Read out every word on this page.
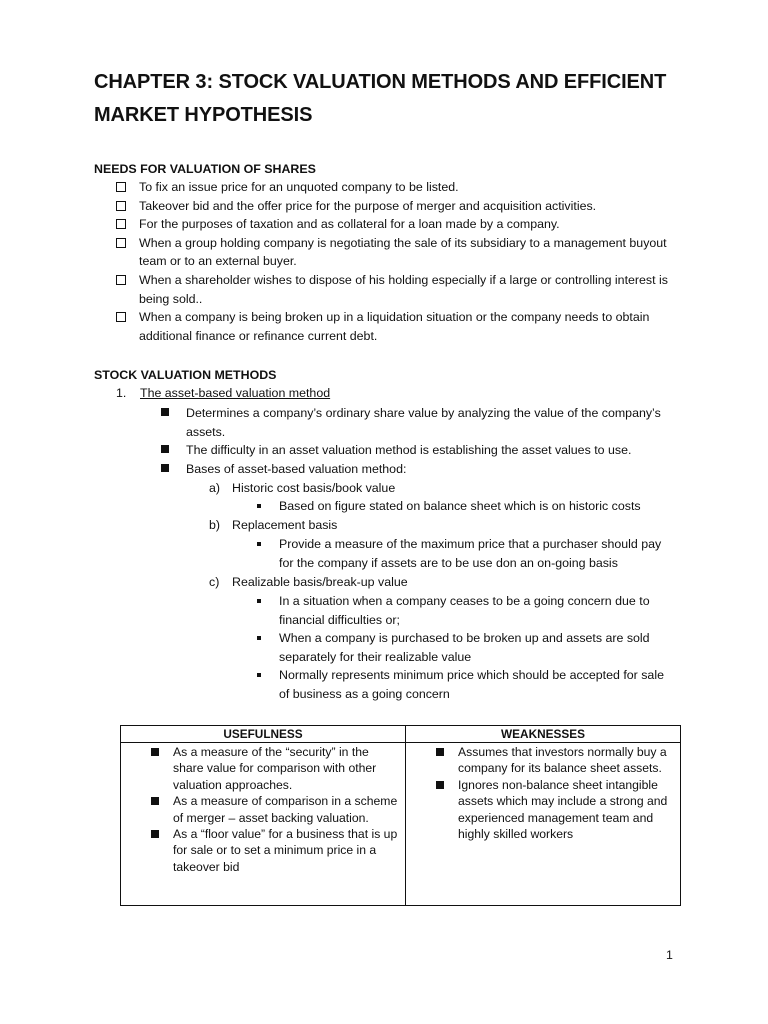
CHAPTER 3: STOCK VALUATION METHODS AND EFFICIENT MARKET HYPOTHESIS
NEEDS FOR VALUATION OF SHARES
To fix an issue price for an unquoted company to be listed.
Takeover bid and the offer price for the purpose of merger and acquisition activities.
For the purposes of taxation and as collateral for a loan made by a company.
When a group holding company is negotiating the sale of its subsidiary to a management buyout team or to an external buyer.
When a shareholder wishes to dispose of his holding especially if a large or controlling interest is being sold..
When a company is being broken up in a liquidation situation or the company needs to obtain additional finance or refinance current debt.
STOCK VALUATION METHODS
1. The asset-based valuation method
Determines a company’s ordinary share value by analyzing the value of the company’s assets.
The difficulty in an asset valuation method is establishing the asset values to use.
Bases of asset-based valuation method:
a) Historic cost basis/book value
Based on figure stated on balance sheet which is on historic costs
b) Replacement basis
Provide a measure of the maximum price that a purchaser should pay for the company if assets are to be use don an on-going basis
c) Realizable basis/break-up value
In a situation when a company ceases to be a going concern due to financial difficulties or;
When a company is purchased to be broken up and assets are sold separately for their realizable value
Normally represents minimum price which should be accepted for sale of business as a going concern
USEFULNESS	WEAKNESSES
As a measure of the “security” in the share value for comparison with other valuation approaches.
As a measure of comparison in a scheme of merger – asset backing valuation.
As a “floor value” for a business that is up for sale or to set a minimum price in a takeover bid
Assumes that investors normally buy a company for its balance sheet assets.
Ignores non-balance sheet intangible assets which may include a strong and experienced management team and highly skilled workers
1
